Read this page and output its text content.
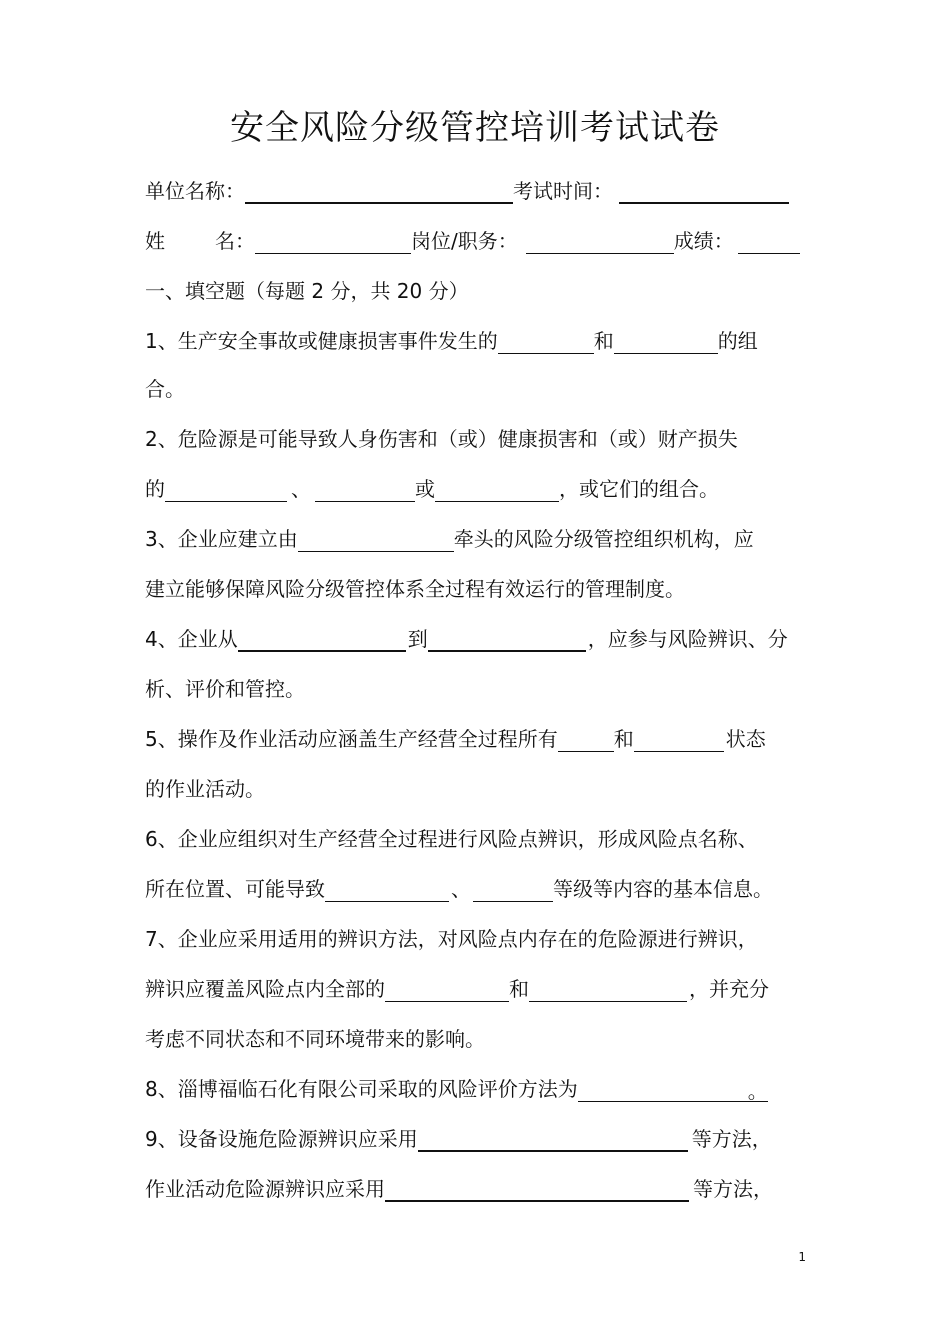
安全风险分级管控培训考试试卷
单位名称：	考试时间：
姓	名：	岗位/职务：	成绩：
一、填空题（每题 2 分，共 20 分）
1、生产安全事故或健康损害事件发生的	和	的组
合。
2、危险源是可能导致人身伤害和（或）健康损害和（或）财产损失
的	、	或	，或它们的组合。
3、企业应建立由	牵头的风险分级管控组织机构，应
建立能够保障风险分级管控体系全过程有效运行的管理制度。
4、企业从	到	，应参与风险辨识、分
析、评价和管控。
5、操作及作业活动应涵盖生产经营全过程所有	和	状态
的作业活动。
6、企业应组织对生产经营全过程进行风险点辨识，形成风险点名称、
所在位置、可能导致	、	等级等内容的基本信息。
7、企业应采用适用的辨识方法，对风险点内存在的危险源进行辨识，
辨识应覆盖风险点内全部的	和	，并充分
考虑不同状态和不同环境带来的影响。
8、淄博福临石化有限公司采取的风险评价方法为	。
9、设备设施危险源辨识应采用	等方法，
作业活动危险源辨识应采用	等方法，
1
